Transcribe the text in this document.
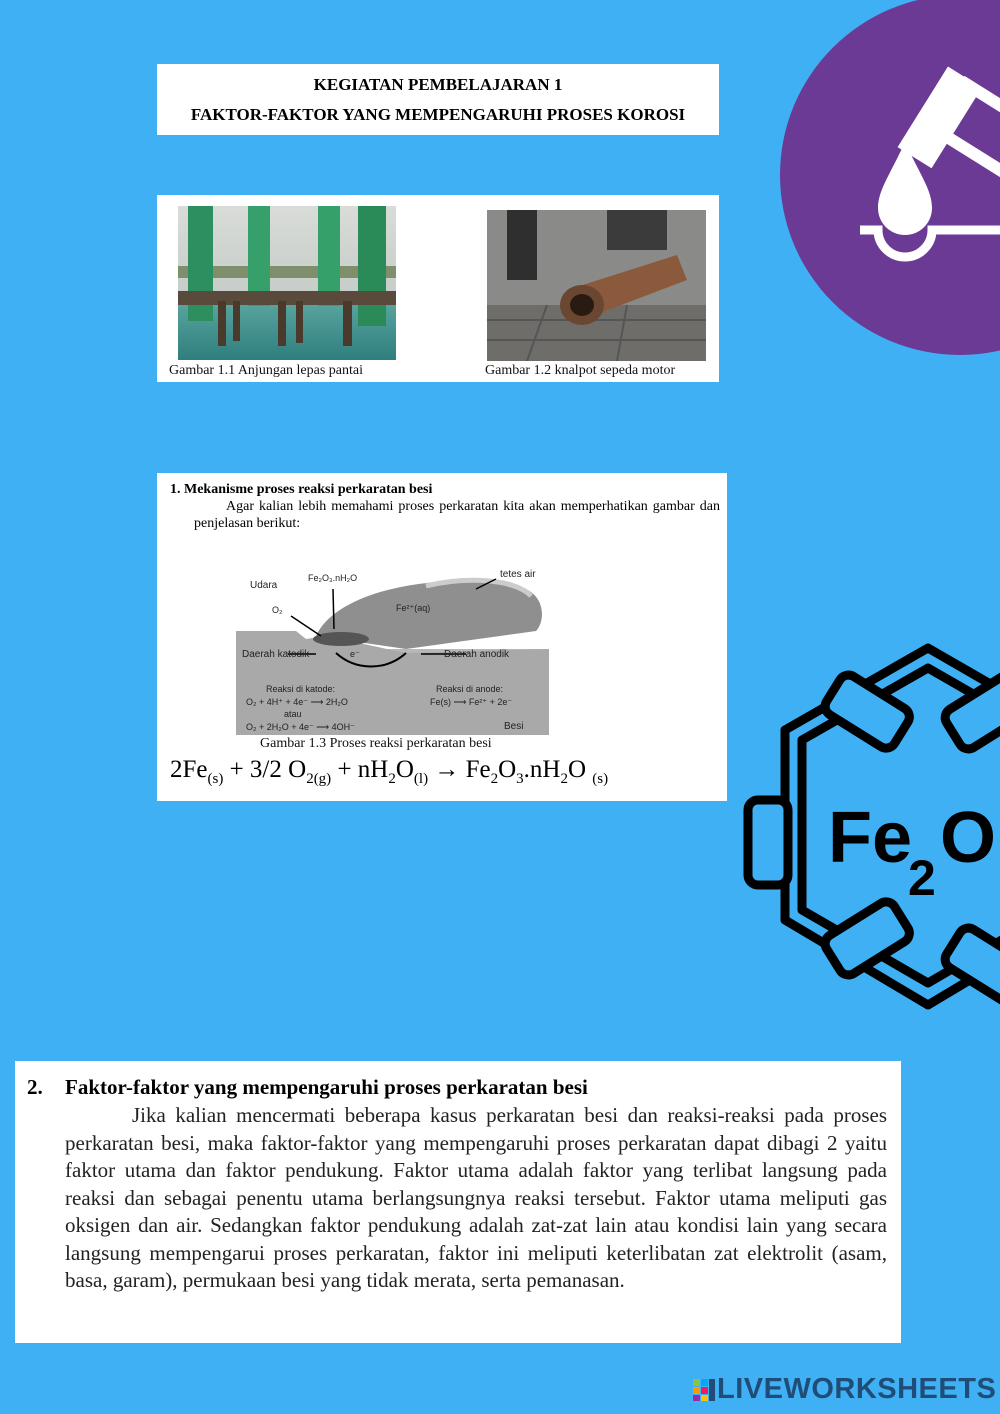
Fe
2 O
KEGIATAN PEMBELAJARAN 1
FAKTOR-FAKTOR YANG MEMPENGARUHI PROSES KOROSI
Gambar 1.1 Anjungan lepas pantai	Gambar 1.2 knalpot sepeda motor
1. Mekanisme proses reaksi perkaratan besi
Agar kalian lebih memahami proses perkaratan kita akan memperhatikan gambar dan penjelasan berikut:
Udara
Fe₂O₃.nH₂O	tetes air
O₂	Fe²⁺(aq)
Daerah katodik	e⁻	Daerah anodik
Reaksi di katode:
O₂ + 4H⁺ + 4e⁻ ⟶ 2H₂O
atau
O₂ + 2H₂O + 4e⁻ ⟶ 4OH⁻
Reaksi di anode:
Fe(s) ⟶ Fe²⁺ + 2e⁻
Besi
Gambar 1.3 Proses reaksi perkaratan besi
$2Fe_{(s)} + 3/2$ $O_{2(g)} + nH_2O_{(l)} \to Fe_2O_3.nH_2O$ $_{(s)}$
2. Faktor-faktor yang mempengaruhi proses perkaratan besi
Jika kalian mencermati beberapa kasus perkaratan besi dan reaksi-reaksi pada proses perkaratan besi, maka faktor-faktor yang mempengaruhi proses perkaratan dapat dibagi 2 yaitu faktor utama dan faktor pendukung. Faktor utama adalah faktor yang terlibat langsung pada reaksi dan sebagai penentu utama berlangsungnya reaksi tersebut. Faktor utama meliputi gas oksigen dan air. Sedangkan faktor pendukung adalah zat-zat lain atau kondisi lain yang secara langsung mempengarui proses perkaratan, faktor ini meliputi keterlibatan zat elektrolit (asam, basa, garam), permukaan besi yang tidak merata, serta pemanasan.
LIVEWORKSHEETS
